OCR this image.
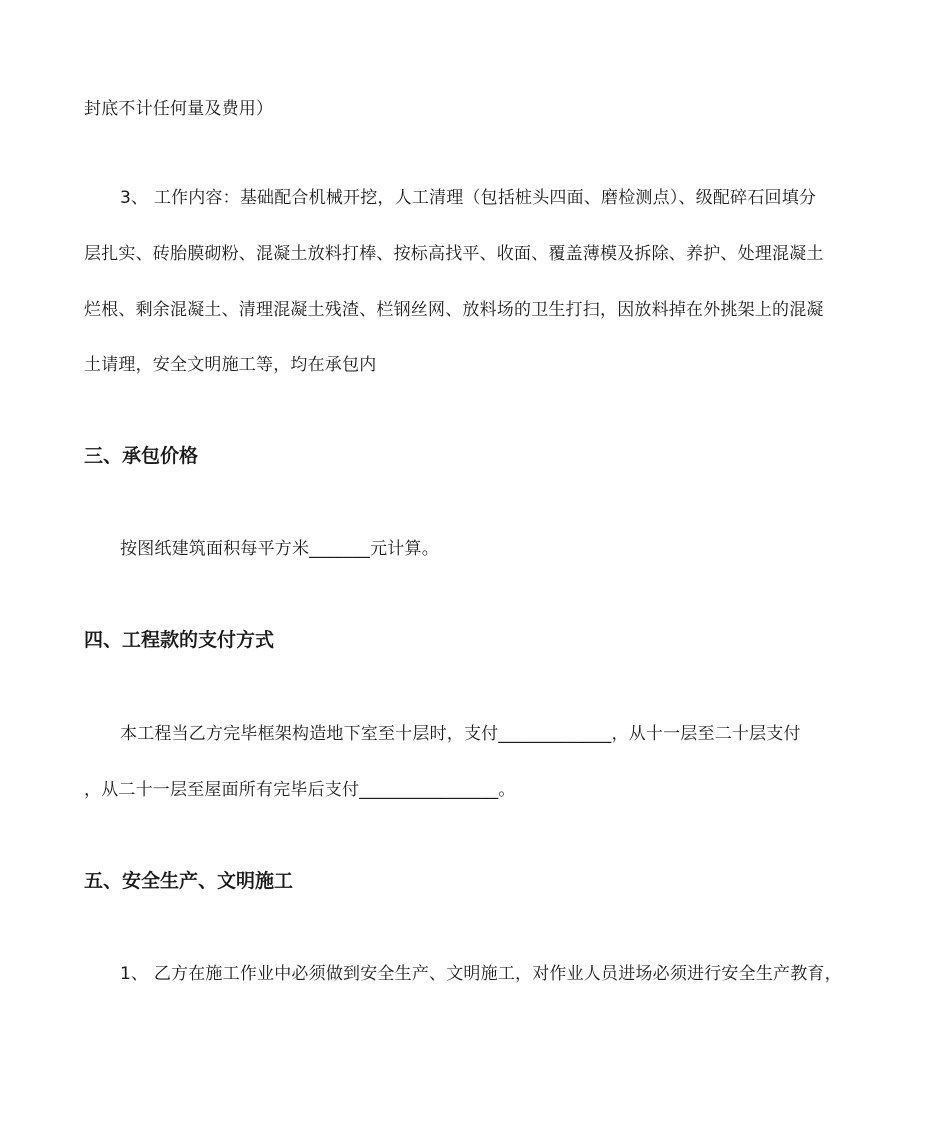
封底不计任何量及费用）
3、 工作内容：基础配合机械开挖，人工清理（包括桩头四面、磨检测点）、级配碎石回填分
层扎实、砖胎膜砌粉、混凝土放料打棒、按标高找平、收面、覆盖薄模及拆除、养护、处理混凝土
烂根、剩余混凝土、清理混凝土残渣、栏钢丝网、放料场的卫生打扫，因放料掉在外挑架上的混凝
土请理，安全文明施工等，均在承包内
三、承包价格
按图纸建筑面积每平方米_______元计算。
四、工程款的支付方式
本工程当乙方完毕框架构造地下室至十层时，支付_____________，从十一层至二十层支付
，从二十一层至屋面所有完毕后支付________________。
五、安全生产、文明施工
1、 乙方在施工作业中必须做到安全生产、文明施工，对作业人员进场必须进行安全生产教育，
